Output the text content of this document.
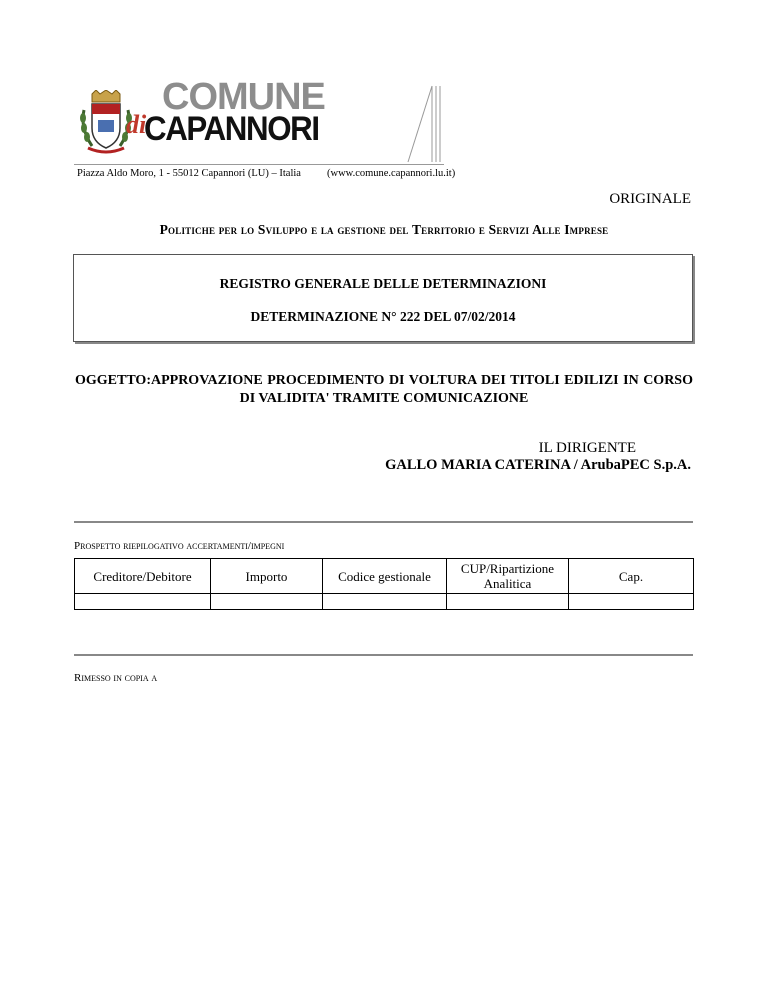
COMUNE
di
CAPANNORI
Piazza Aldo Moro, 1 - 55012 Capannori (LU) – Italia (www.comune.capannori.lu.it)
ORIGINALE
Politiche per lo Sviluppo e la gestione del Territorio e Servizi Alle Imprese
REGISTRO GENERALE DELLE DETERMINAZIONI
DETERMINAZIONE N° 222 DEL 07/02/2014
OGGETTO:APPROVAZIONE PROCEDIMENTO DI VOLTURA DEI TITOLI EDILIZI IN CORSO DI VALIDITA' TRAMITE COMUNICAZIONE
IL DIRIGENTE
GALLO MARIA CATERINA / ArubaPEC S.p.A.
Prospetto riepilogativo accertamenti/impegni
Creditore/Debitore	Importo	Codice gestionale	CUP/Ripartizione Analitica	Cap.

Rimesso in copia a
